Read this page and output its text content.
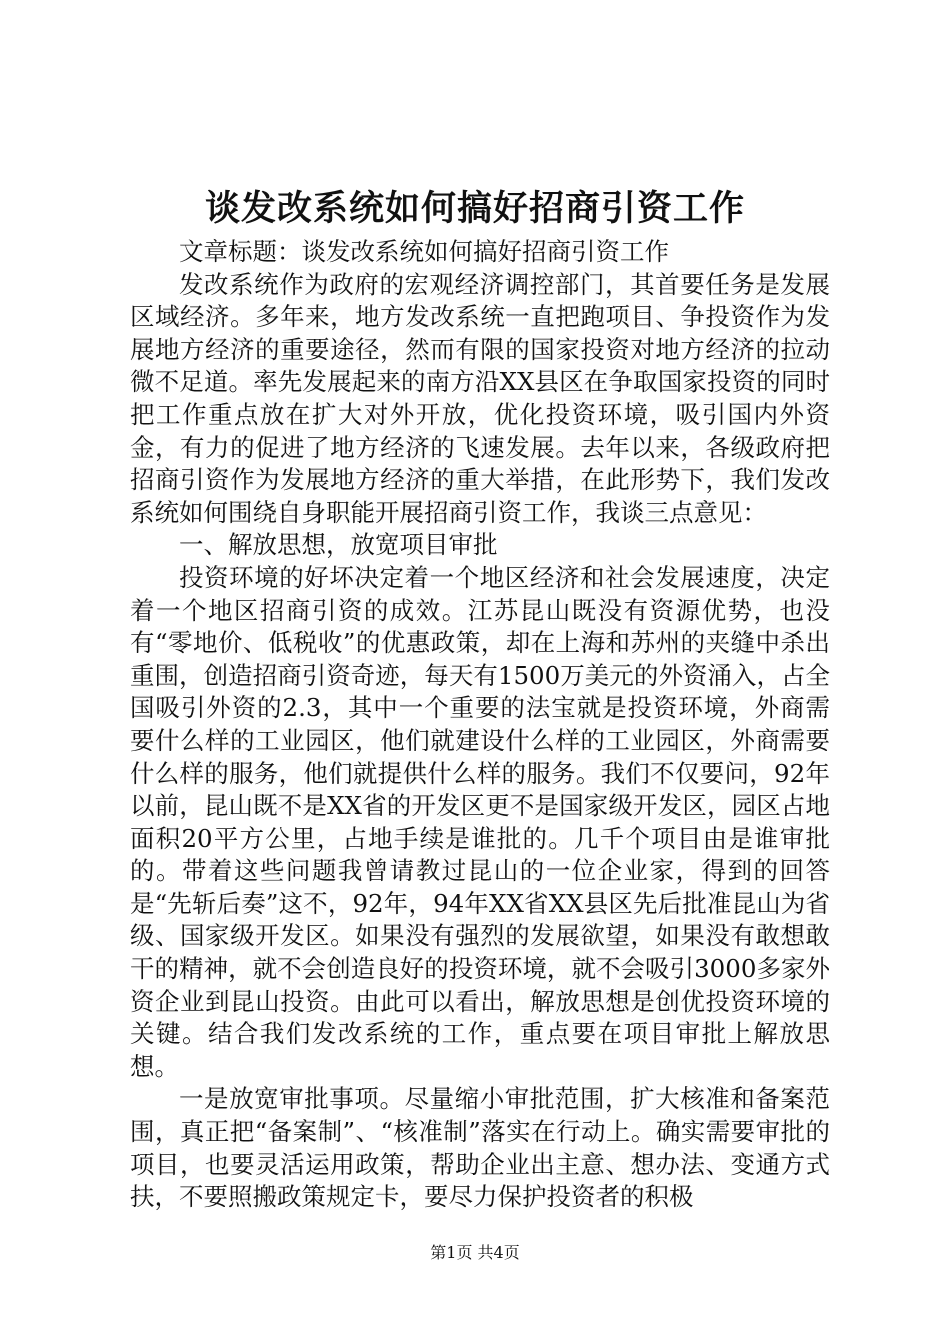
谈发改系统如何搞好招商引资工作

文章标题：谈发改系统如何搞好招商引资工作

发改系统作为政府的宏观经济调控部门，其首要任务是发展区域经济。多年来，地方发改系统一直把跑项目、争投资作为发展地方经济的重要途径，然而有限的国家投资对地方经济的拉动微不足道。率先发展起来的南方沿XX县区在争取国家投资的同时把工作重点放在扩大对外开放，优化投资环境，吸引国内外资金，有力的促进了地方经济的飞速发展。去年以来，各级政府把招商引资作为发展地方经济的重大举措，在此形势下，我们发改系统如何围绕自身职能开展招商引资工作，我谈三点意见：

一、解放思想，放宽项目审批

投资环境的好坏决定着一个地区经济和社会发展速度，决定着一个地区招商引资的成效。江苏昆山既没有资源优势，也没有“零地价、低税收”的优惠政策，却在上海和苏州的夹缝中杀出重围，创造招商引资奇迹，每天有1500万美元的外资涌入，占全国吸引外资的2.3，其中一个重要的法宝就是投资环境，外商需要什么样的工业园区，他们就建设什么样的工业园区，外商需要什么样的服务，他们就提供什么样的服务。我们不仅要问，92年以前，昆山既不是XX省的开发区更不是国家级开发区，园区占地面积20平方公里，占地手续是谁批的。几千个项目由是谁审批的。带着这些问题我曾请教过昆山的一位企业家，得到的回答是“先斩后奏”这不，92年，94年XX省XX县区先后批准昆山为省级、国家级开发区。如果没有强烈的发展欲望，如果没有敢想敢干的精神，就不会创造良好的投资环境，就不会吸引3000多家外资企业到昆山投资。由此可以看出，解放思想是创优投资环境的关键。结合我们发改系统的工作，重点要在项目审批上解放思想。

一是放宽审批事项。尽量缩小审批范围，扩大核准和备案范围，真正把“备案制”、“核准制”落实在行动上。确实需要审批的项目，也要灵活运用政策，帮助企业出主意、想办法、变通方式扶，不要照搬政策规定卡，要尽力保护投资者的积极

第1页 共4页
